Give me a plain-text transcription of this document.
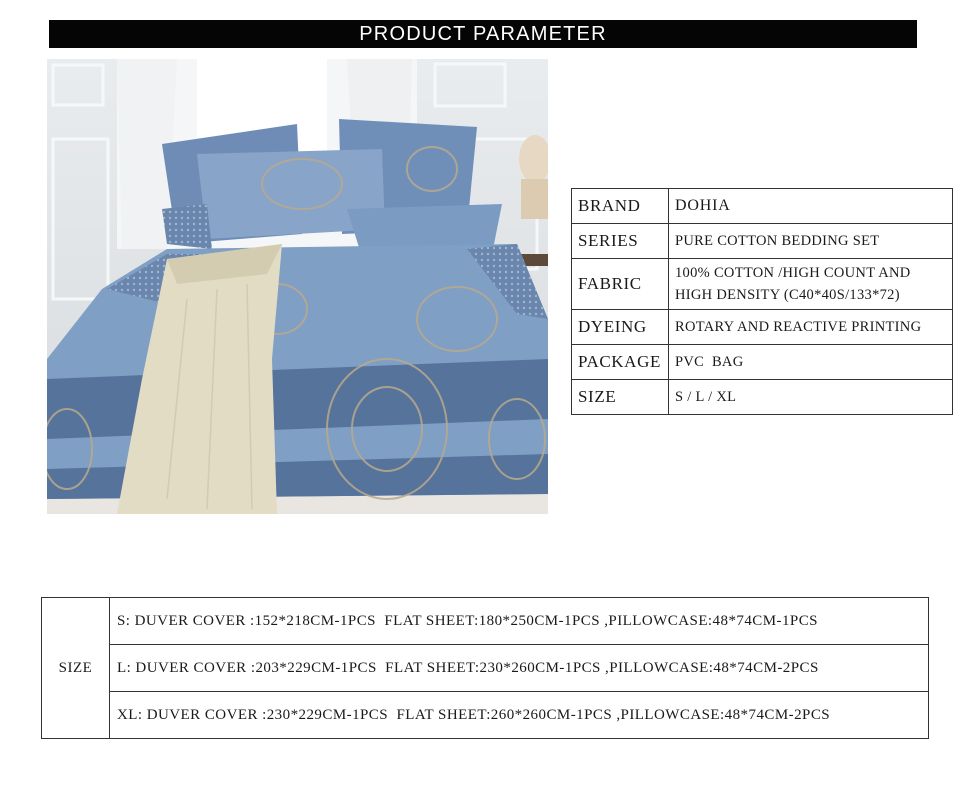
PRODUCT PARAMETER
BRAND	DOHIA

SERIES	PURE COTTON BEDDING SET

FABRIC	100% COTTON /HIGH COUNT AND
HIGH DENSITY (C40*40S/133*72)

DYEING	ROTARY AND REACTIVE PRINTING

PACKAGE	PVC  BAG

SIZE	S / L / XL
SIZE	S: DUVER COVER :152*218CM-1PCS  FLAT SHEET:180*250CM-1PCS ,PILLOWCASE:48*74CM-1PCS
L: DUVER COVER :203*229CM-1PCS  FLAT SHEET:230*260CM-1PCS ,PILLOWCASE:48*74CM-2PCS
XL: DUVER COVER :230*229CM-1PCS  FLAT SHEET:260*260CM-1PCS ,PILLOWCASE:48*74CM-2PCS
